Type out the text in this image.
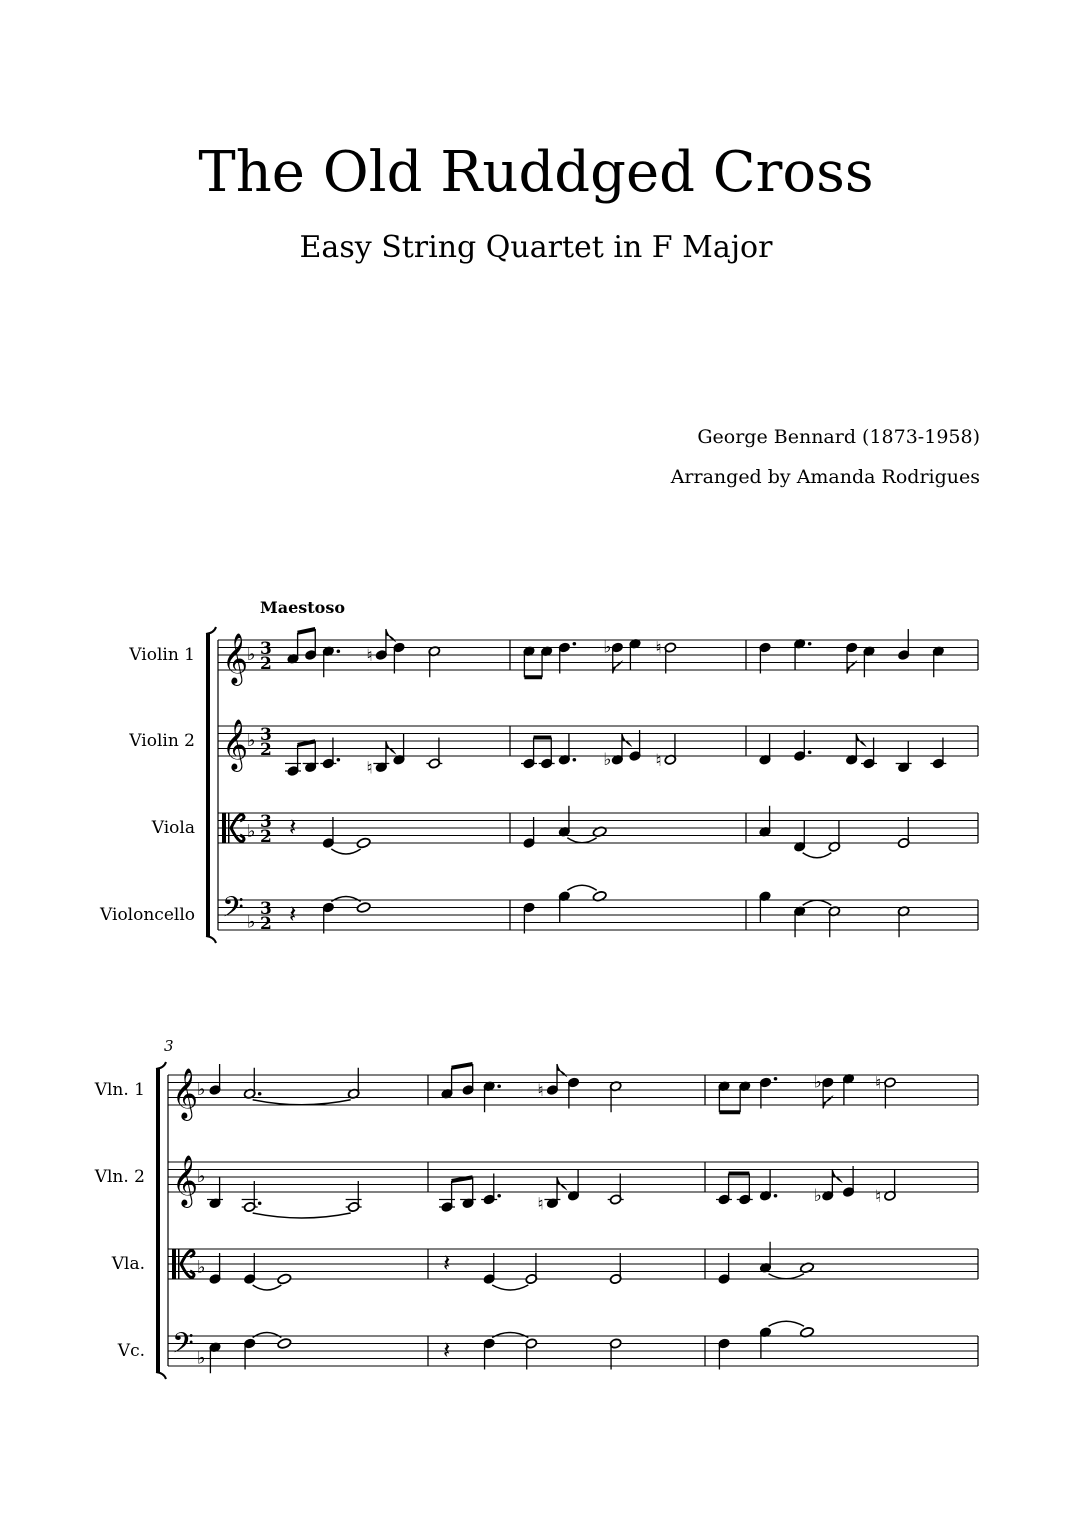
The Old Ruddged Cross
Easy String Quartet in F Major
George Bennard (1873-1958)
Arranged by Amanda Rodrigues
Maestoso
Violin 1 𝄞
♭ 3
2	♮	♭	♮
Violin 2 𝄞
♭ 3
2
♮	♭	♮
Viola	♭ 3
2 𝄽
Violoncello 𝄢 ♭
3
2 𝄽
3
Vln. 1 𝄞
♭	♮	♭	♮
Vln. 2 𝄞
♭
♮	♭	♮
Vla.	♭	𝄽
Vc. 𝄢 ♭	𝄽
